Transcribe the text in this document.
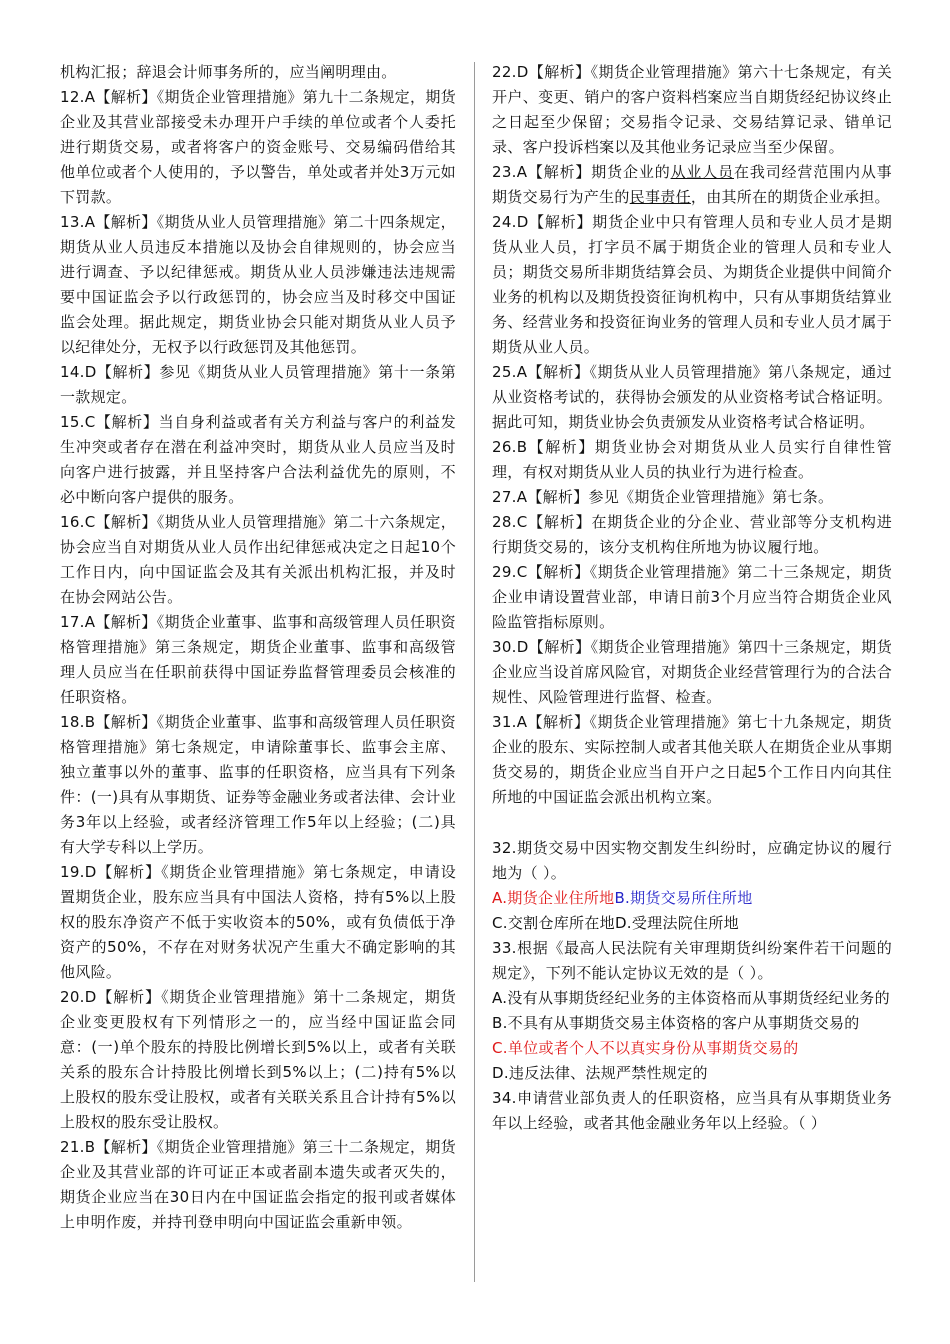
机构汇报；辞退会计师事务所的，应当阐明理由。

12.A【解析】《期货企业管理措施》第九十二条规定，期货企业及其营业部接受未办理开户手续的单位或者个人委托进行期货交易，或者将客户的资金账号、交易编码借给其他单位或者个人使用的，予以警告，单处或者并处3万元如下罚款。

13.A【解析】《期货从业人员管理措施》第二十四条规定，期货从业人员违反本措施以及协会自律规则的，协会应当进行调查、予以纪律惩戒。期货从业人员涉嫌违法违规需要中国证监会予以行政惩罚的，协会应当及时移交中国证监会处理。据此规定，期货业协会只能对期货从业人员予以纪律处分，无权予以行政惩罚及其他惩罚。

14.D【解析】参见《期货从业人员管理措施》第十一条第一款规定。

15.C【解析】当自身利益或者有关方利益与客户的利益发生冲突或者存在潜在利益冲突时，期货从业人员应当及时向客户进行披露，并且坚持客户合法利益优先的原则，不必中断向客户提供的服务。

16.C【解析】《期货从业人员管理措施》第二十六条规定，协会应当自对期货从业人员作出纪律惩戒决定之日起10个工作日内，向中国证监会及其有关派出机构汇报，并及时在协会网站公告。

17.A【解析】《期货企业董事、监事和高级管理人员任职资格管理措施》第三条规定，期货企业董事、监事和高级管理人员应当在任职前获得中国证券监督管理委员会核准的任职资格。

18.B【解析】《期货企业董事、监事和高级管理人员任职资格管理措施》第七条规定，申请除董事长、监事会主席、独立董事以外的董事、监事的任职资格，应当具有下列条件：(一)具有从事期货、证券等金融业务或者法律、会计业务3年以上经验，或者经济管理工作5年以上经验；(二)具有大学专科以上学历。

19.D【解析】《期货企业管理措施》第七条规定，申请设置期货企业，股东应当具有中国法人资格，持有5%以上股权的股东净资产不低于实收资本的50%，或有负债低于净资产的50%，不存在对财务状况产生重大不确定影响的其他风险。

20.D【解析】《期货企业管理措施》第十二条规定，期货企业变更股权有下列情形之一的，应当经中国证监会同意：(一)单个股东的持股比例增长到5%以上，或者有关联关系的股东合计持股比例增长到5%以上；(二)持有5%以上股权的股东受让股权，或者有关联关系且合计持有5%以上股权的股东受让股权。

21.B【解析】《期货企业管理措施》第三十二条规定，期货企业及其营业部的许可证正本或者副本遗失或者灭失的，期货企业应当在30日内在中国证监会指定的报刊或者媒体上申明作废，并持刊登申明向中国证监会重新申领。

22.D【解析】《期货企业管理措施》第六十七条规定，有关开户、变更、销户的客户资料档案应当自期货经纪协议终止之日起至少保留；交易指令记录、交易结算记录、错单记录、客户投诉档案以及其他业务记录应当至少保留。

23.A【解析】期货企业的从业人员在我司经营范围内从事期货交易行为产生的民事责任，由其所在的期货企业承担。

24.D【解析】期货企业中只有管理人员和专业人员才是期货从业人员，打字员不属于期货企业的管理人员和专业人员；期货交易所非期货结算会员、为期货企业提供中间简介业务的机构以及期货投资征询机构中，只有从事期货结算业务、经营业务和投资征询业务的管理人员和专业人员才属于期货从业人员。

25.A【解析】《期货从业人员管理措施》第八条规定，通过从业资格考试的，获得协会颁发的从业资格考试合格证明。据此可知，期货业协会负责颁发从业资格考试合格证明。

26.B【解析】期货业协会对期货从业人员实行自律性管理，有权对期货从业人员的执业行为进行检查。

27.A【解析】参见《期货企业管理措施》第七条。

28.C【解析】在期货企业的分企业、营业部等分支机构进行期货交易的，该分支机构住所地为协议履行地。

29.C【解析】《期货企业管理措施》第二十三条规定，期货企业申请设置营业部，申请日前3个月应当符合期货企业风险监管指标原则。

30.D【解析】《期货企业管理措施》第四十三条规定，期货企业应当设首席风险官，对期货企业经营管理行为的合法合规性、风险管理进行监督、检查。

31.A【解析】《期货企业管理措施》第七十九条规定，期货企业的股东、实际控制人或者其他关联人在期货企业从事期货交易的，期货企业应当自开户之日起5个工作日内向其住所地的中国证监会派出机构立案。

32.期货交易中因实物交割发生纠纷时，应确定协议的履行地为（ ）。

A.期货企业住所地B.期货交易所住所地

C.交割仓库所在地D.受理法院住所地

33.根据《最高人民法院有关审理期货纠纷案件若干问题的规定》，下列不能认定协议无效的是（ ）。

A.没有从事期货经纪业务的主体资格而从事期货经纪业务的

B.不具有从事期货交易主体资格的客户从事期货交易的

C.单位或者个人不以真实身份从事期货交易的

D.违反法律、法规严禁性规定的

34.申请营业部负责人的任职资格，应当具有从事期货业务年以上经验，或者其他金融业务年以上经验。（ ）
